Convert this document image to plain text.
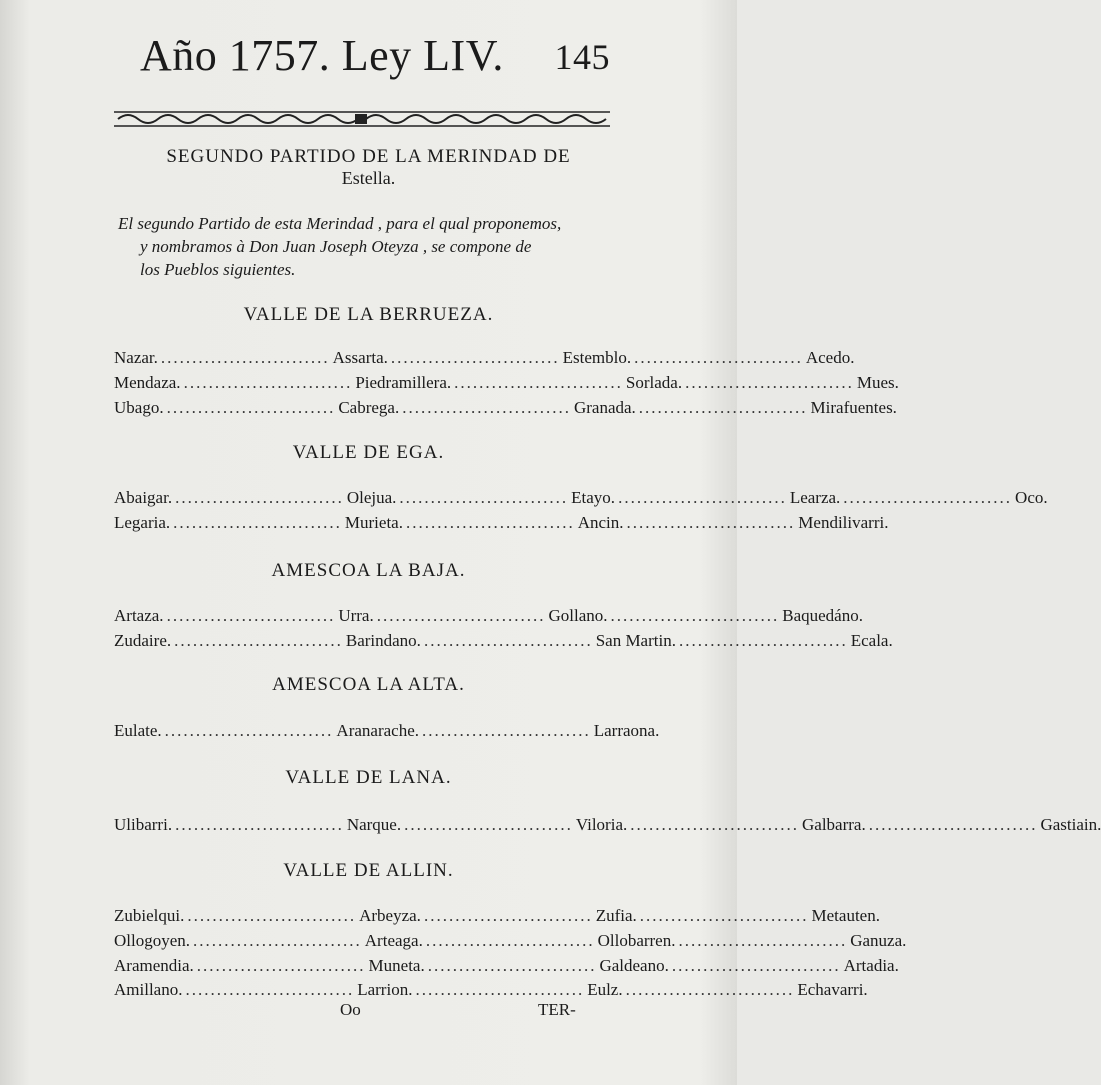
Año 1757. Ley LIV. 145
SEGUNDO PARTIDO DE LA MERINDAD DE
Estella.
El segundo Partido de esta Merindad , para el qual proponemos,
y nombramos à Don Juan Joseph Oteyza , se compone de
los Pueblos siguientes.
VALLE DE LA BERRUEZA.
Nazar. ........................... Assarta. ........................... Estemblo. ........................... Acedo.
Mendaza. ........................... Piedramillera. ........................... Sorlada. ........................... Mues.
Ubago. ........................... Cabrega. ........................... Granada. ........................... Mirafuentes.
VALLE DE EGA.
Abaigar. ........................... Olejua. ........................... Etayo. ........................... Learza. ........................... Oco.
Legaria. ........................... Murieta. ........................... Ancin. ........................... Mendilivarri.
AMESCOA LA BAJA.
Artaza. ........................... Urra. ........................... Gollano. ........................... Baquedáno.
Zudaire. ........................... Barindano. ........................... San Martin. ........................... Ecala.
AMESCOA LA ALTA.
Eulate. ........................... Aranarache. ........................... Larraona.
VALLE DE LANA.
Ulibarri. ........................... Narque. ........................... Viloria. ........................... Galbarra. ........................... Gastiain.
VALLE DE ALLIN.
Zubielqui. ........................... Arbeyza. ........................... Zufia. ........................... Metauten.
Ollogoyen. ........................... Arteaga. ........................... Ollobarren. ........................... Ganuza.
Aramendia. ........................... Muneta. ........................... Galdeano. ........................... Artadia.
Amillano. ........................... Larrion. ........................... Eulz. ........................... Echavarri.
Oo	TER-
